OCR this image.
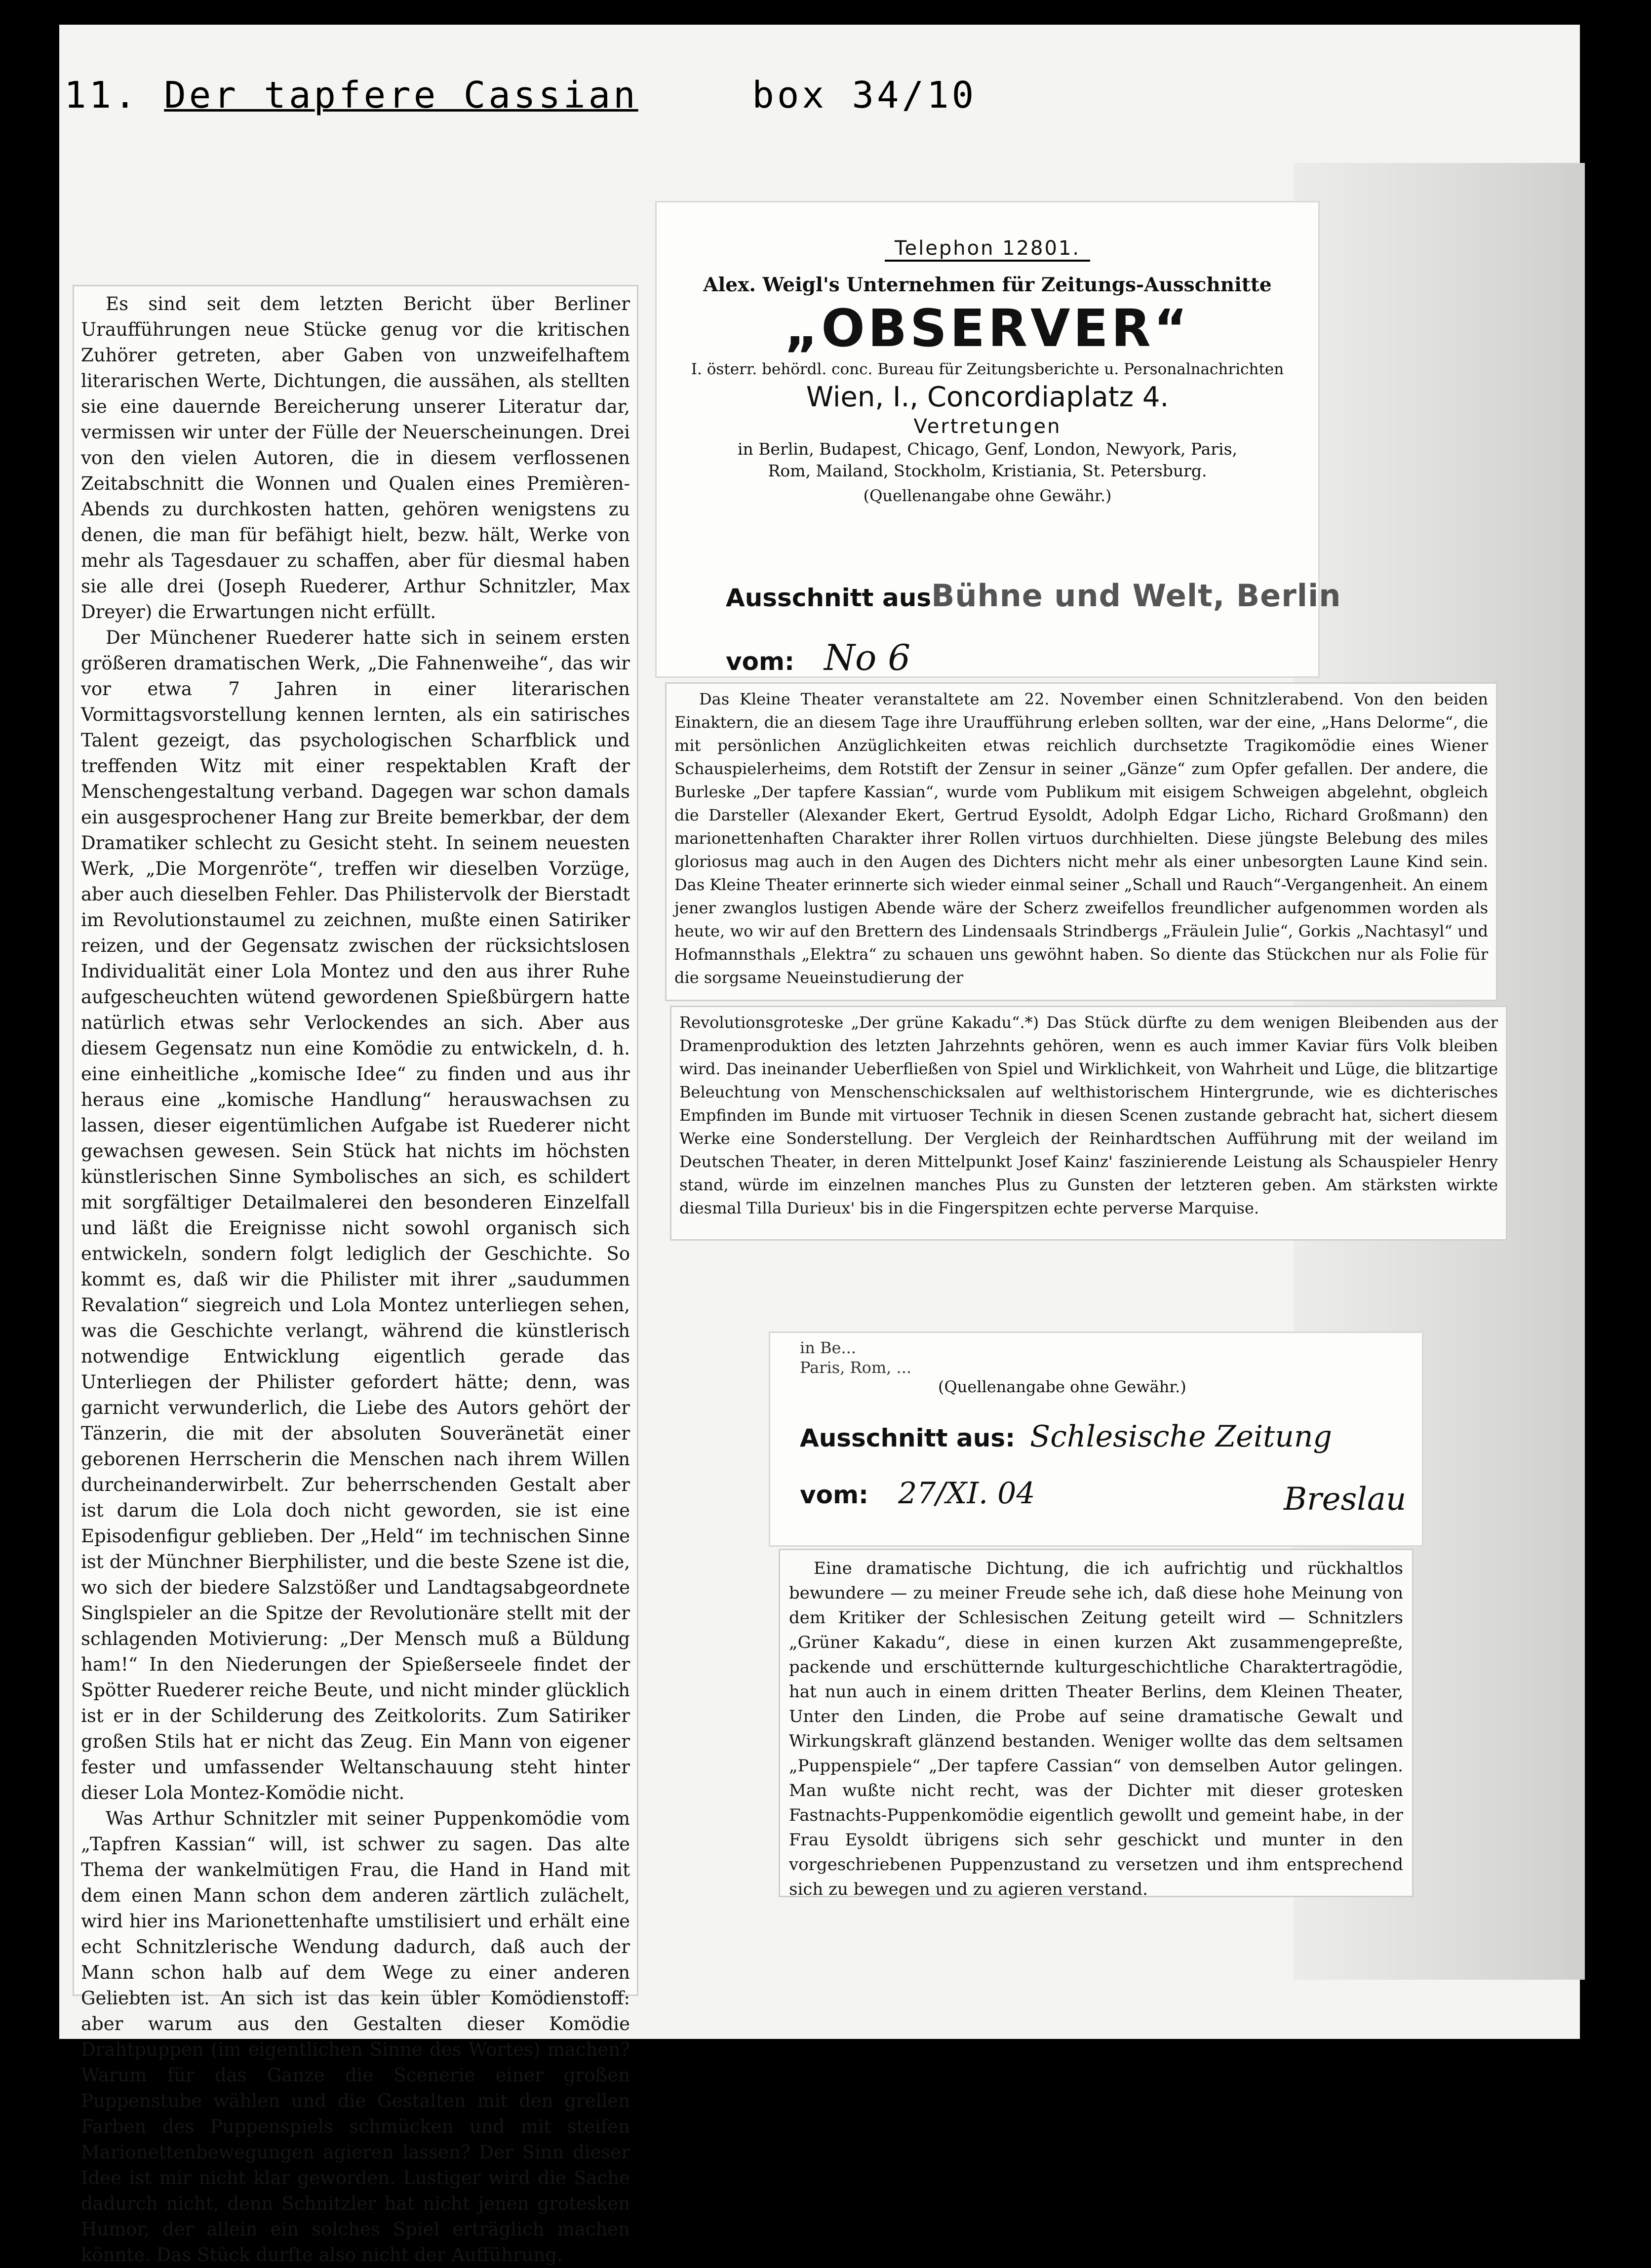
11. Der tapfere Cassian	box 34/10

Es sind seit dem letzten Bericht über Berliner Uraufführungen neue Stücke genug vor die kritischen Zuhörer getreten, aber Gaben von unzweifelhaftem literarischen Werte, Dichtungen, die aussähen, als stellten sie eine dauernde Bereicherung unserer Literatur dar, vermissen wir unter der Fülle der Neuerscheinungen. Drei von den vielen Autoren, die in diesem verflossenen Zeitabschnitt die Wonnen und Qualen eines Premièren-Abends zu durchkosten hatten, gehören wenigstens zu denen, die man für befähigt hielt, bezw. hält, Werke von mehr als Tagesdauer zu schaffen, aber für diesmal haben sie alle drei (Joseph Ruederer, Arthur Schnitzler, Max Dreyer) die Erwartungen nicht erfüllt.

Der Münchener Ruederer hatte sich in seinem ersten größeren dramatischen Werk, „Die Fahnenweihe“, das wir vor etwa 7 Jahren in einer literarischen Vormittagsvorstellung kennen lernten, als ein satirisches Talent gezeigt, das psychologischen Scharfblick und treffenden Witz mit einer respektablen Kraft der Menschengestaltung verband. Dagegen war schon damals ein ausgesprochener Hang zur Breite bemerkbar, der dem Dramatiker schlecht zu Gesicht steht. In seinem neuesten Werk, „Die Morgenröte“, treffen wir dieselben Vorzüge, aber auch dieselben Fehler. Das Philistervolk der Bierstadt im Revolutionstaumel zu zeichnen, mußte einen Satiriker reizen, und der Gegensatz zwischen der rücksichtslosen Individualität einer Lola Montez und den aus ihrer Ruhe aufgescheuchten wütend gewordenen Spießbürgern hatte natürlich etwas sehr Verlockendes an sich. Aber aus diesem Gegensatz nun eine Komödie zu entwickeln, d. h. eine einheitliche „komische Idee“ zu finden und aus ihr heraus eine „komische Handlung“ herauswachsen zu lassen, dieser eigentümlichen Aufgabe ist Ruederer nicht gewachsen gewesen. Sein Stück hat nichts im höchsten künstlerischen Sinne Symbolisches an sich, es schildert mit sorgfältiger Detailmalerei den besonderen Einzelfall und läßt die Ereignisse nicht sowohl organisch sich entwickeln, sondern folgt lediglich der Geschichte. So kommt es, daß wir die Philister mit ihrer „saudummen Revalation“ siegreich und Lola Montez unterliegen sehen, was die Geschichte verlangt, während die künstlerisch notwendige Entwicklung eigentlich gerade das Unterliegen der Philister gefordert hätte; denn, was garnicht verwunderlich, die Liebe des Autors gehört der Tänzerin, die mit der absoluten Souveränetät einer geborenen Herrscherin die Menschen nach ihrem Willen durcheinanderwirbelt. Zur beherrschenden Gestalt aber ist darum die Lola doch nicht geworden, sie ist eine Episodenfigur geblieben. Der „Held“ im technischen Sinne ist der Münchner Bierphilister, und die beste Szene ist die, wo sich der biedere Salzstößer und Landtagsabgeordnete Singlspieler an die Spitze der Revolutionäre stellt mit der schlagenden Motivierung: „Der Mensch muß a Büldung ham!“ In den Niederungen der Spießerseele findet der Spötter Ruederer reiche Beute, und nicht minder glücklich ist er in der Schilderung des Zeitkolorits. Zum Satiriker großen Stils hat er nicht das Zeug. Ein Mann von eigener fester und umfassender Weltanschauung steht hinter dieser Lola Montez-Komödie nicht.

Was Arthur Schnitzler mit seiner Puppenkomödie vom „Tapfren Kassian“ will, ist schwer zu sagen. Das alte Thema der wankelmütigen Frau, die Hand in Hand mit dem einen Mann schon dem anderen zärtlich zulächelt, wird hier ins Marionettenhafte umstilisiert und erhält eine echt Schnitzlerische Wendung dadurch, daß auch der Mann schon halb auf dem Wege zu einer anderen Geliebten ist. An sich ist das kein übler Komödienstoff: aber warum aus den Gestalten dieser Komödie Drahtpuppen (im eigentlichen Sinne des Wortes) machen? Warum für das Ganze die Scenerie einer großen Puppenstube wählen und die Gestalten mit den grellen Farben des Puppenspiels schmücken und mit steifen Marionettenbewegungen agieren lassen? Der Sinn dieser Idee ist mir nicht klar geworden. Lustiger wird die Sache dadurch nicht, denn Schnitzler hat nicht jenen grotesken Humor, der allein ein solches Spiel erträglich machen könnte. Das Stück durfte also nicht der Aufführung.

Telephon 12801.
Alex. Weigl's Unternehmen für Zeitungs-Ausschnitte
„OBSERVER“
I. österr. behördl. conc. Bureau für Zeitungsberichte u. Personalnachrichten
Wien, I., Concordiaplatz 4.
Vertretungen
in Berlin, Budapest, Chicago, Genf, London, Newyork, Paris,
Rom, Mailand, Stockholm, Kristiania, St. Petersburg.
(Quellenangabe ohne Gewähr.)
Ausschnitt ausBühne und Welt, Berlin
vom: No 6

Das Kleine Theater veranstaltete am 22. November einen Schnitzlerabend. Von den beiden Einaktern, die an diesem Tage ihre Uraufführung erleben sollten, war der eine, „Hans Delorme“, die mit persönlichen Anzüglichkeiten etwas reichlich durchsetzte Tragikomödie eines Wiener Schauspielerheims, dem Rotstift der Zensur in seiner „Gänze“ zum Opfer gefallen. Der andere, die Burleske „Der tapfere Kassian“, wurde vom Publikum mit eisigem Schweigen abgelehnt, obgleich die Darsteller (Alexander Ekert, Gertrud Eysoldt, Adolph Edgar Licho, Richard Großmann) den marionettenhaften Charakter ihrer Rollen virtuos durchhielten. Diese jüngste Belebung des miles gloriosus mag auch in den Augen des Dichters nicht mehr als einer unbesorgten Laune Kind sein. Das Kleine Theater erinnerte sich wieder einmal seiner „Schall und Rauch“-Vergangenheit. An einem jener zwanglos lustigen Abende wäre der Scherz zweifellos freundlicher aufgenommen worden als heute, wo wir auf den Brettern des Lindensaals Strindbergs „Fräulein Julie“, Gorkis „Nachtasyl“ und Hofmannsthals „Elektra“ zu schauen uns gewöhnt haben. So diente das Stückchen nur als Folie für die sorgsame Neueinstudierung der

Revolutionsgroteske „Der grüne Kakadu“.*) Das Stück dürfte zu dem wenigen Bleibenden aus der Dramenproduktion des letzten Jahrzehnts gehören, wenn es auch immer Kaviar fürs Volk bleiben wird. Das ineinander Ueberfließen von Spiel und Wirklichkeit, von Wahrheit und Lüge, die blitzartige Beleuchtung von Menschenschicksalen auf welthistorischem Hintergrunde, wie es dichterisches Empfinden im Bunde mit virtuoser Technik in diesen Scenen zustande gebracht hat, sichert diesem Werke eine Sonderstellung. Der Vergleich der Reinhardtschen Aufführung mit der weiland im Deutschen Theater, in deren Mittelpunkt Josef Kainz' faszinierende Leistung als Schauspieler Henry stand, würde im einzelnen manches Plus zu Gunsten der letzteren geben. Am stärksten wirkte diesmal Tilla Durieux' bis in die Fingerspitzen echte perverse Marquise.

in Be...
Paris, Rom, ...
(Quellenangabe ohne Gewähr.)
Ausschnitt aus: Schlesische Zeitung
vom: 27/XI. 04	Breslau

Eine dramatische Dichtung, die ich aufrichtig und rückhaltlos bewundere — zu meiner Freude sehe ich, daß diese hohe Meinung von dem Kritiker der Schlesischen Zeitung geteilt wird — Schnitzlers „Grüner Kakadu“, diese in einen kurzen Akt zusammengepreßte, packende und erschütternde kulturgeschichtliche Charaktertragödie, hat nun auch in einem dritten Theater Berlins, dem Kleinen Theater, Unter den Linden, die Probe auf seine dramatische Gewalt und Wirkungskraft glänzend bestanden. Weniger wollte das dem seltsamen „Puppenspiele“ „Der tapfere Cassian“ von demselben Autor gelingen. Man wußte nicht recht, was der Dichter mit dieser grotesken Fastnachts-Puppenkomödie eigentlich gewollt und gemeint habe, in der Frau Eysoldt übrigens sich sehr geschickt und munter in den vorgeschriebenen Puppenzustand zu versetzen und ihm entsprechend sich zu bewegen und zu agieren verstand.
